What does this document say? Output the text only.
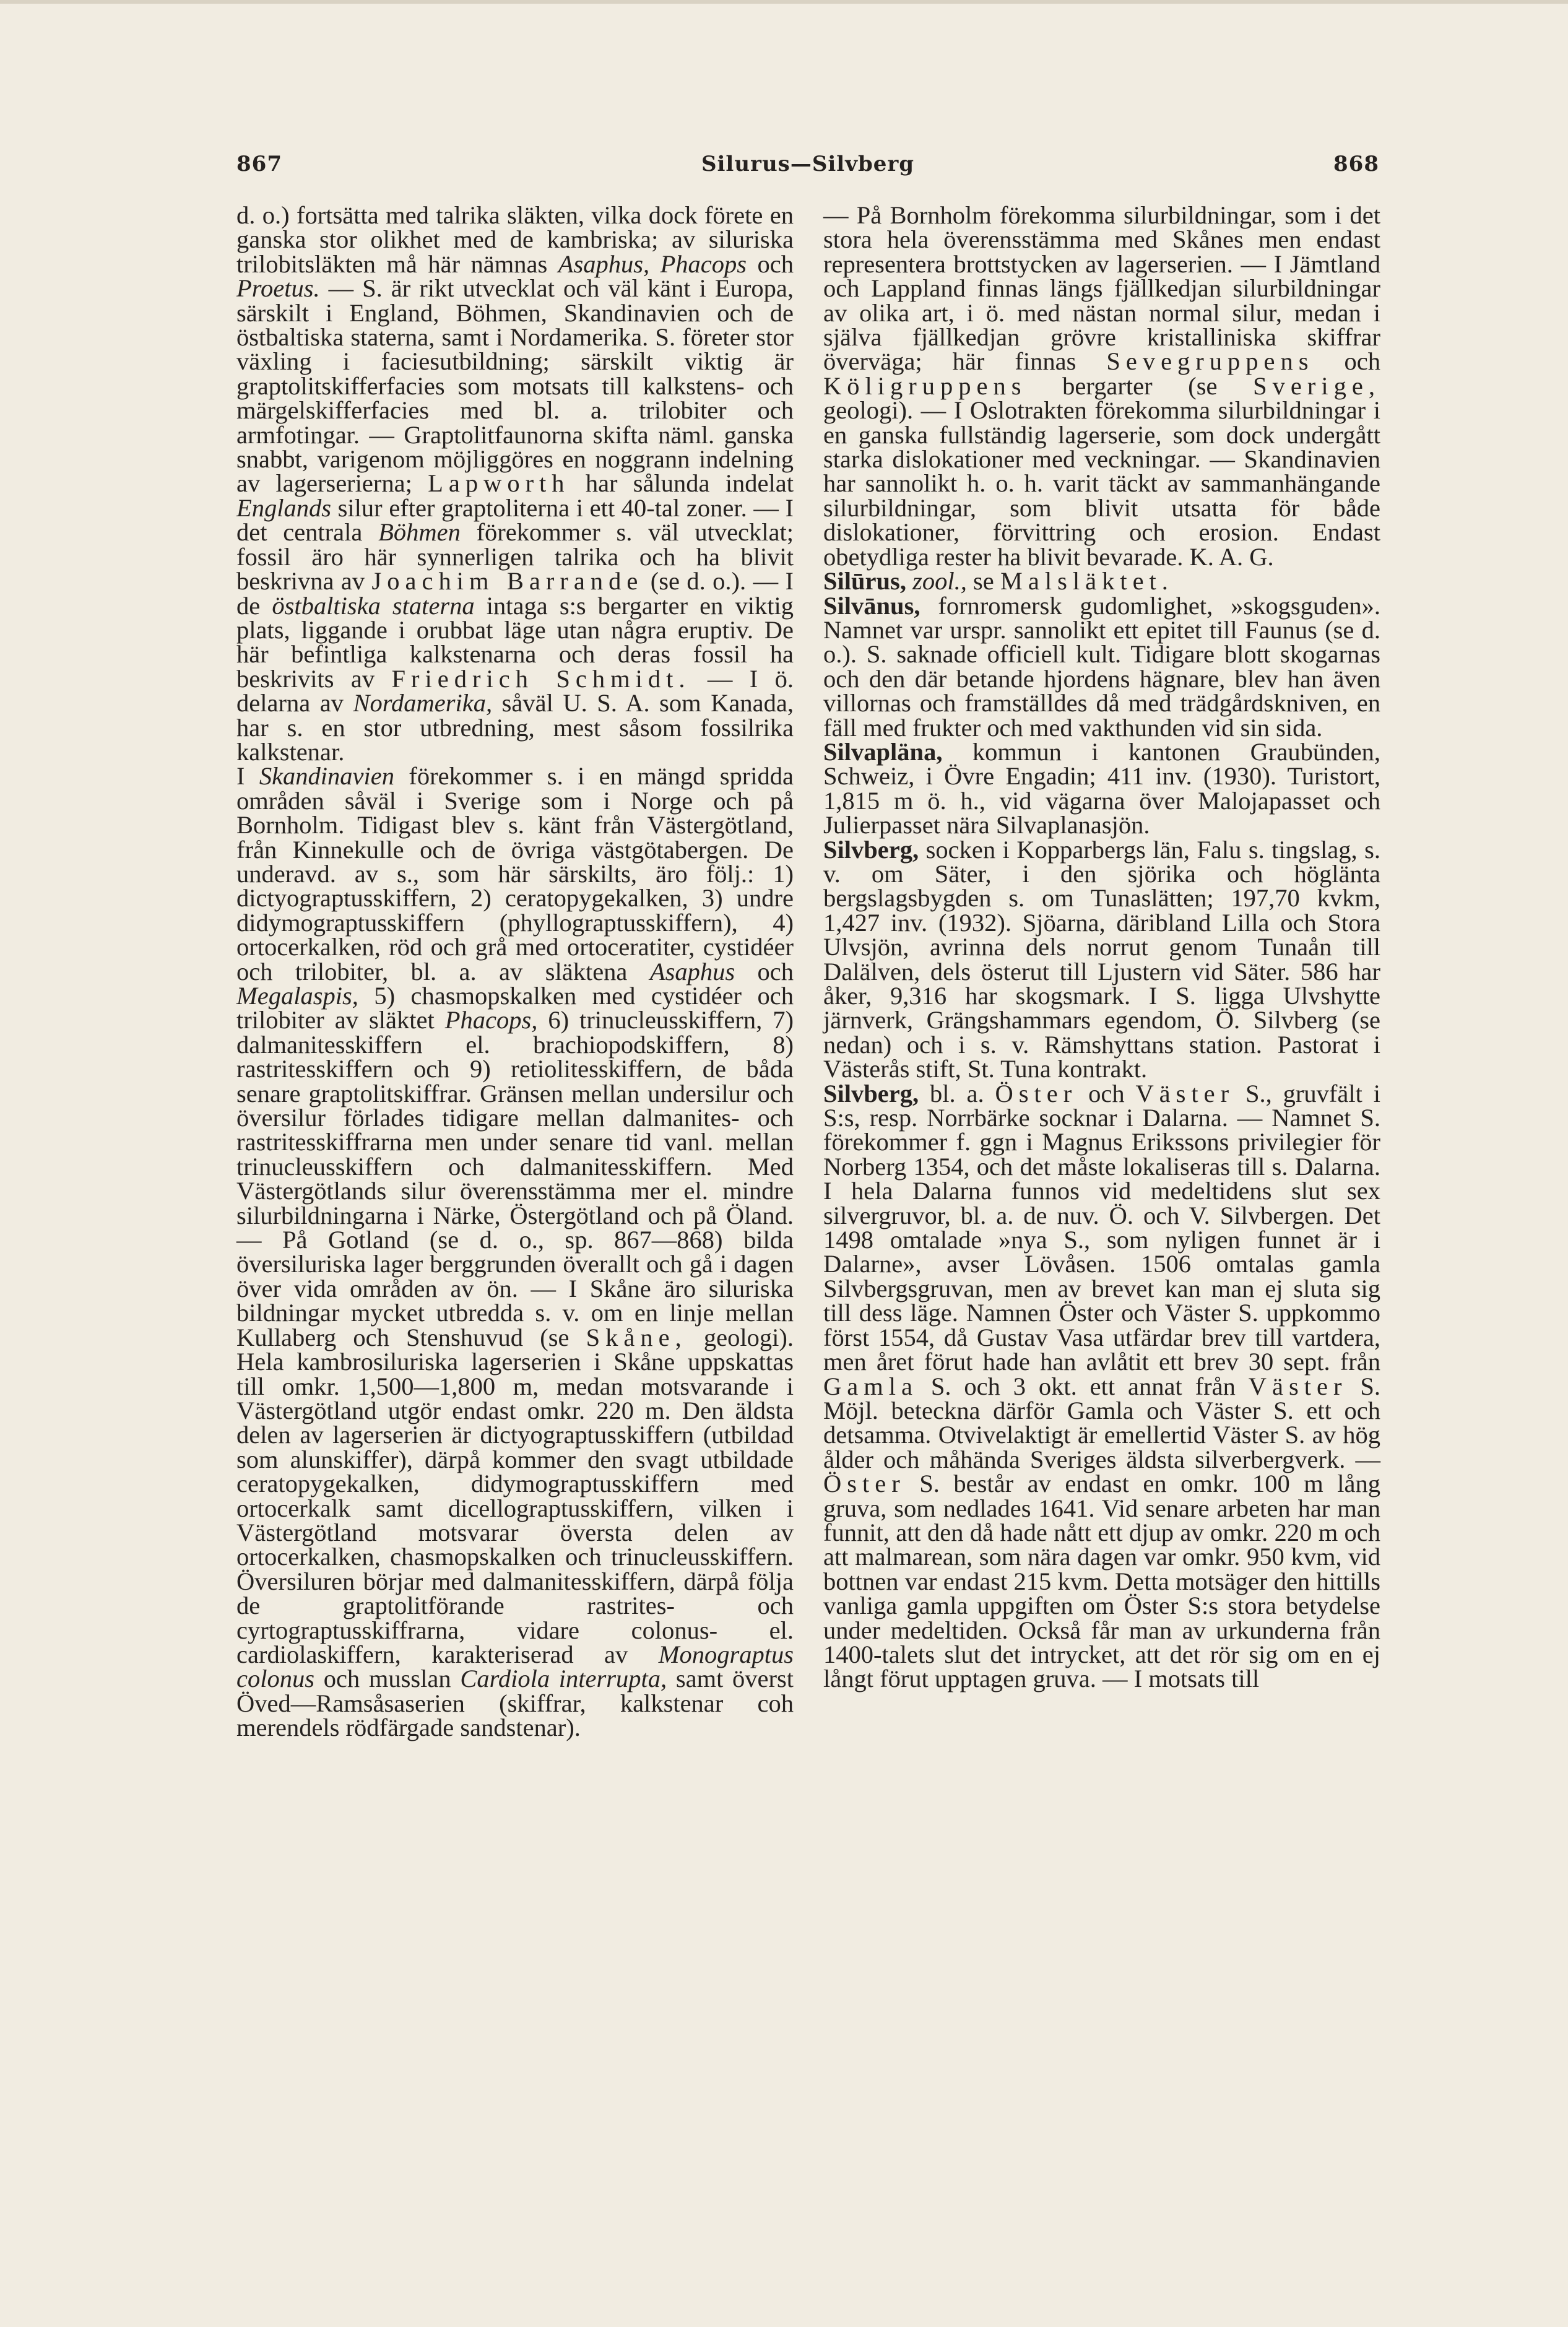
867	Silurus—Silvberg	868

d. o.) fortsätta med talrika släkten, vilka dock förete en ganska stor olikhet med de kambriska; av siluriska trilobitsläkten må här nämnas Asaphus, Phacops och Proetus. — S. är rikt utvecklat och väl känt i Europa, särskilt i England, Böhmen, Skandinavien och de östbaltiska staterna, samt i Nordamerika. S. företer stor växling i faciesutbildning; särskilt viktig är graptolitskifferfacies som motsats till kalkstens- och märgelskifferfacies med bl. a. trilobiter och armfotingar. — Graptolitfaunorna skifta näml. ganska snabbt, varigenom möjliggöres en noggrann indelning av lagerserierna; Lapworth har sålunda indelat Englands silur efter graptoliterna i ett 40-tal zoner. — I det centrala Böhmen förekommer s. väl utvecklat; fossil äro här synnerligen talrika och ha blivit beskrivna av Joachim Barrande (se d. o.). — I de östbaltiska staterna intaga s:s bergarter en viktig plats, liggande i orubbat läge utan några eruptiv. De här befintliga kalkstenarna och deras fossil ha beskrivits av Friedrich Schmidt. — I ö. delarna av Nordamerika, såväl U. S. A. som Kanada, har s. en stor utbredning, mest såsom fossilrika kalkstenar.

I Skandinavien förekommer s. i en mängd spridda områden såväl i Sverige som i Norge och på Bornholm. Tidigast blev s. känt från Västergötland, från Kinnekulle och de övriga västgötabergen. De underavd. av s., som här särskilts, äro följ.: 1) dictyograptusskiffern, 2) ceratopygekalken, 3) undre didymograptusskiffern (phyllograptusskiffern), 4) ortocerkalken, röd och grå med ortoceratiter, cystidéer och trilobiter, bl. a. av släktena Asaphus och Megalaspis, 5) chasmopskalken med cystidéer och trilobiter av släktet Phacops, 6) trinucleusskiffern, 7) dalmanitesskiffern el. brachiopodskiffern, 8) rastritesskiffern och 9) retiolitesskiffern, de båda senare graptolitskiffrar. Gränsen mellan undersilur och översilur förlades tidigare mellan dalmanites- och rastritesskiffrarna men under senare tid vanl. mellan trinucleusskiffern och dalmanitesskiffern. Med Västergötlands silur överensstämma mer el. mindre silurbildningarna i Närke, Östergötland och på Öland. — På Gotland (se d. o., sp. 867—868) bilda översiluriska lager berggrunden överallt och gå i dagen över vida områden av ön. — I Skåne äro siluriska bildningar mycket utbredda s. v. om en linje mellan Kullaberg och Stenshuvud (se Skåne, geologi). Hela kambrosiluriska lagerserien i Skåne uppskattas till omkr. 1,500—1,800 m, medan motsvarande i Västergötland utgör endast omkr. 220 m. Den äldsta delen av lagerserien är dictyograptusskiffern (utbildad som alunskiffer), därpå kommer den svagt utbildade ceratopygekalken, didymograptusskiffern med ortocerkalk samt dicellograptusskiffern, vilken i Västergötland motsvarar översta delen av ortocerkalken, chasmopskalken och trinucleusskiffern. Översiluren börjar med dalmanitesskiffern, därpå följa de graptolitförande rastrites- och cyrtograptusskiffrarna, vidare colonus- el. cardiolaskiffern, karakteriserad av Monograptus colonus och musslan Cardiola interrupta, samt överst Öved—Ramsåsaserien (skiffrar, kalkstenar coh merendels rödfärgade sandstenar).

— På Bornholm förekomma silurbildningar, som i det stora hela överensstämma med Skånes men endast representera brottstycken av lagerserien. — I Jämtland och Lappland finnas längs fjällkedjan silurbildningar av olika art, i ö. med nästan normal silur, medan i själva fjällkedjan grövre kristalliniska skiffrar överväga; här finnas Sevegruppens och Köligruppens bergarter (se Sverige, geologi). — I Oslotrakten förekomma silurbildningar i en ganska fullständig lagerserie, som dock undergått starka dislokationer med veckningar. — Skandinavien har sannolikt h. o. h. varit täckt av sammanhängande silurbildningar, som blivit utsatta för både dislokationer, förvittring och erosion. Endast obetydliga rester ha blivit bevarade. K. A. G.

Silūrus, zool., se Malsläktet.

Silvānus, fornromersk gudomlighet, »skogsguden». Namnet var urspr. sannolikt ett epitet till Faunus (se d. o.). S. saknade officiell kult. Tidigare blott skogarnas och den där betande hjordens hägnare, blev han även villornas och framställdes då med trädgårdskniven, en fäll med frukter och med vakthunden vid sin sida.

Silvapläna, kommun i kantonen Graubünden, Schweiz, i Övre Engadin; 411 inv. (1930). Turistort, 1,815 m ö. h., vid vägarna över Malojapasset och Julierpasset nära Silvaplanasjön.

Silvberg, socken i Kopparbergs län, Falu s. tingslag, s. v. om Säter, i den sjörika och höglänta bergslagsbygden s. om Tunaslätten; 197,70 kvkm, 1,427 inv. (1932). Sjöarna, däribland Lilla och Stora Ulvsjön, avrinna dels norrut genom Tunaån till Dalälven, dels österut till Ljustern vid Säter. 586 har åker, 9,316 har skogsmark. I S. ligga Ulvshytte järnverk, Grängshammars egendom, Ö. Silvberg (se nedan) och i s. v. Rämshyttans station. Pastorat i Västerås stift, St. Tuna kontrakt.

Silvberg, bl. a. Öster och Väster S., gruvfält i S:s, resp. Norrbärke socknar i Dalarna. — Namnet S. förekommer f. ggn i Magnus Erikssons privilegier för Norberg 1354, och det måste lokaliseras till s. Dalarna. I hela Dalarna funnos vid medeltidens slut sex silvergruvor, bl. a. de nuv. Ö. och V. Silvbergen. Det 1498 omtalade »nya S., som nyligen funnet är i Dalarne», avser Lövåsen. 1506 omtalas gamla Silvbergsgruvan, men av brevet kan man ej sluta sig till dess läge. Namnen Öster och Väster S. uppkommo först 1554, då Gustav Vasa utfärdar brev till vartdera, men året förut hade han avlåtit ett brev 30 sept. från Gamla S. och 3 okt. ett annat från Väster S. Möjl. beteckna därför Gamla och Väster S. ett och detsamma. Otvivelaktigt är emellertid Väster S. av hög ålder och måhända Sveriges äldsta silverbergverk. — Öster S. består av endast en omkr. 100 m lång gruva, som nedlades 1641. Vid senare arbeten har man funnit, att den då hade nått ett djup av omkr. 220 m och att malmarean, som nära dagen var omkr. 950 kvm, vid bottnen var endast 215 kvm. Detta motsäger den hittills vanliga gamla uppgiften om Öster S:s stora betydelse under medeltiden. Också får man av urkunderna från 1400-talets slut det intrycket, att det rör sig om en ej långt förut upptagen gruva. — I motsats till
